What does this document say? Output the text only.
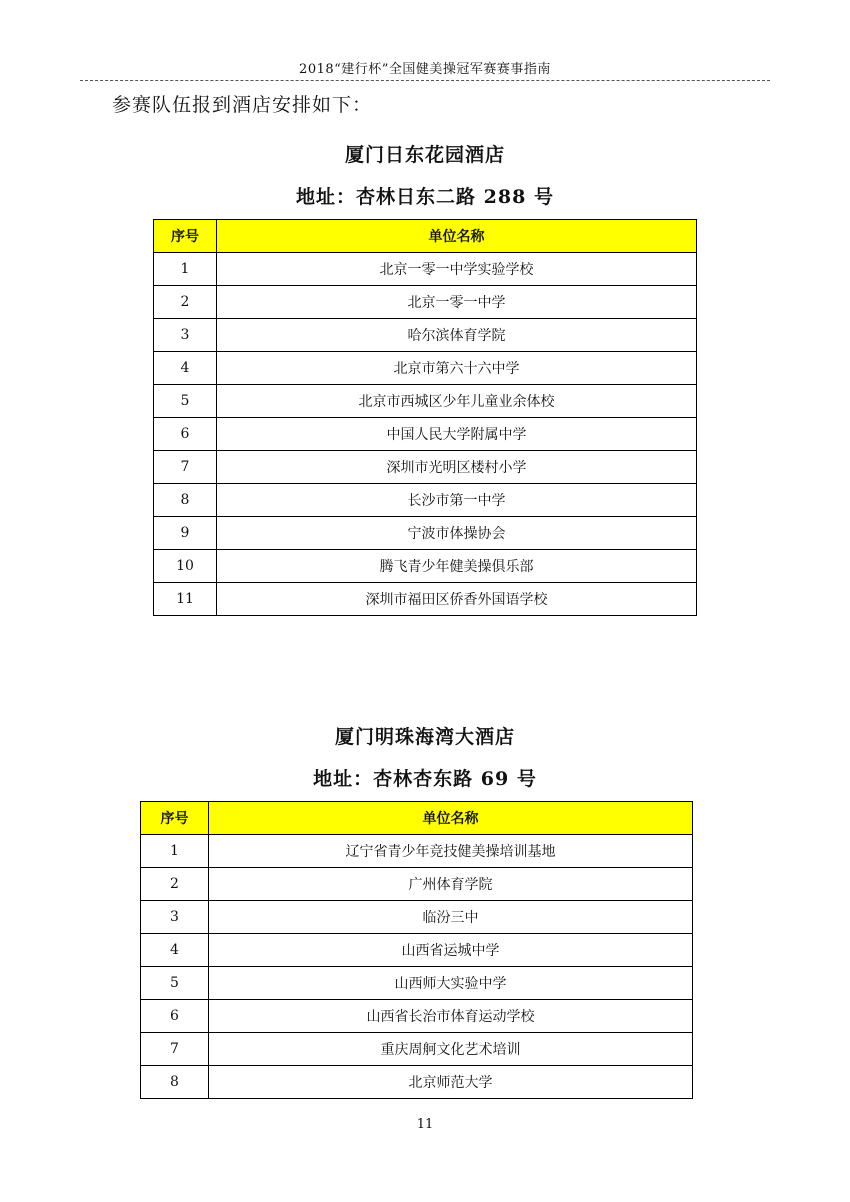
2018“建行杯”全国健美操冠军赛赛事指南
参赛队伍报到酒店安排如下：
厦门日东花园酒店
地址：杏林日东二路 288 号
序号	单位名称
1	北京一零一中学实验学校
2	北京一零一中学
3	哈尔滨体育学院
4	北京市第六十六中学
5	北京市西城区少年儿童业余体校
6	中国人民大学附属中学
7	深圳市光明区楼村小学
8	长沙市第一中学
9	宁波市体操协会
10	腾飞青少年健美操俱乐部
11	深圳市福田区侨香外国语学校
厦门明珠海湾大酒店
地址：杏林杏东路 69 号
序号	单位名称
1	辽宁省青少年竞技健美操培训基地
2	广州体育学院
3	临汾三中
4	山西省运城中学
5	山西师大实验中学
6	山西省长治市体育运动学校
7	重庆周舸文化艺术培训
8	北京师范大学
11
